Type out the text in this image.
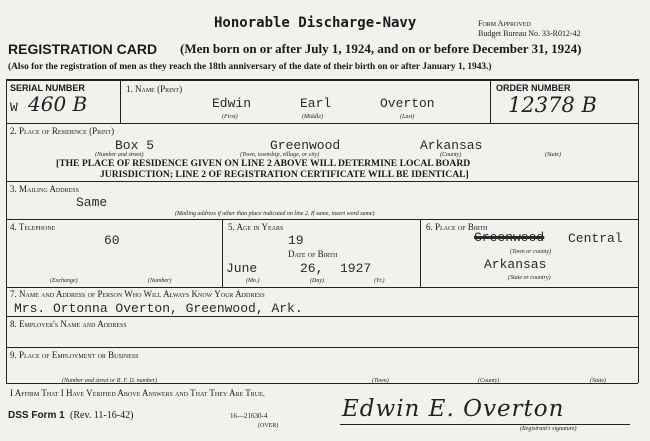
Honorable Discharge-Navy	Form Approved
Budget Bureau No. 33-R012-42
REGISTRATION CARD (Men born on or after July 1, 1924, and on or before December 31, 1924)
(Also for the registration of men as they reach the 18th anniversary of the date of their birth on or after January 1, 1943.)
SERIAL NUMBER
W 460 B
1. Name (Print)
Edwin	Earl	Overton
(First)	(Middle)	(Last)
ORDER NUMBER
12378 B
2. Place of Residence (Print)
Box 5	Greenwood	Arkansas
(Number and street)	(Town, township, village, or city)	(County)	(State)
[THE PLACE OF RESIDENCE GIVEN ON LINE 2 ABOVE WILL DETERMINE LOCAL BOARD
JURISDICTION; LINE 2 OF REGISTRATION CERTIFICATE WILL BE IDENTICAL]
3. Mailing Address
Same
(Mailing address if other than place indicated on line 2. If same, insert word same)
4. Telephone
60
(Exchange)	(Number)
5. Age in Years
19
Date of Birth
June	26, 1927
(Mo.)	(Day)	(Yr.)
6. Place of Birth
Greenwood Central
(Town or county)
Arkansas
(State or country)
7. Name and Address of Person Who Will Always Know Your Address
Mrs. Ortonna Overton, Greenwood, Ark.
8. Employer's Name and Address
9. Place of Employment or Business
(Number and street or R. F. D. number)	(Town)	(County)	(State)
I Affirm That I Have Verified Above Answers and That They Are True.
DSS Form 1 (Rev. 11-16-42)	16—21630-4
(OVER)
Edwin E. Overton
(Registrant's signature)
